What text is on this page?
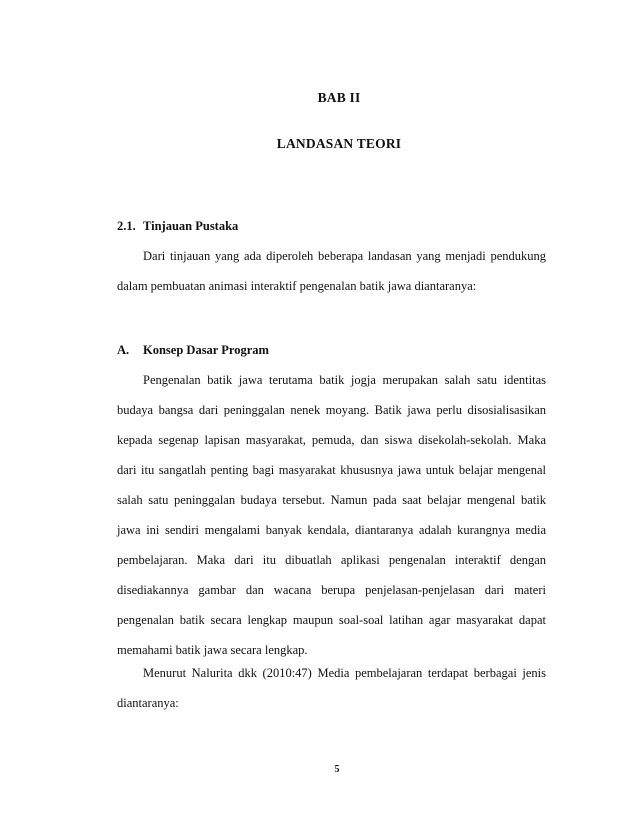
BAB II
LANDASAN TEORI
2.1. Tinjauan Pustaka

Dari tinjauan yang ada diperoleh beberapa landasan yang menjadi pendukung dalam pembuatan animasi interaktif pengenalan batik jawa diantaranya:

A. Konsep Dasar Program

Pengenalan batik jawa terutama batik jogja merupakan salah satu identitas budaya bangsa dari peninggalan nenek moyang. Batik jawa perlu disosialisasikan kepada segenap lapisan masyarakat, pemuda, dan siswa disekolah-sekolah. Maka dari itu sangatlah penting bagi masyarakat khususnya jawa untuk belajar mengenal salah satu peninggalan budaya tersebut. Namun pada saat belajar mengenal batik jawa ini sendiri mengalami banyak kendala, diantaranya adalah kurangnya media pembelajaran. Maka dari itu dibuatlah aplikasi pengenalan interaktif dengan disediakannya gambar dan wacana berupa penjelasan-penjelasan dari materi pengenalan batik secara lengkap maupun soal-soal latihan agar masyarakat dapat memahami batik jawa secara lengkap.

Menurut Nalurita dkk (2010:47) Media pembelajaran terdapat berbagai jenis diantaranya:

5
